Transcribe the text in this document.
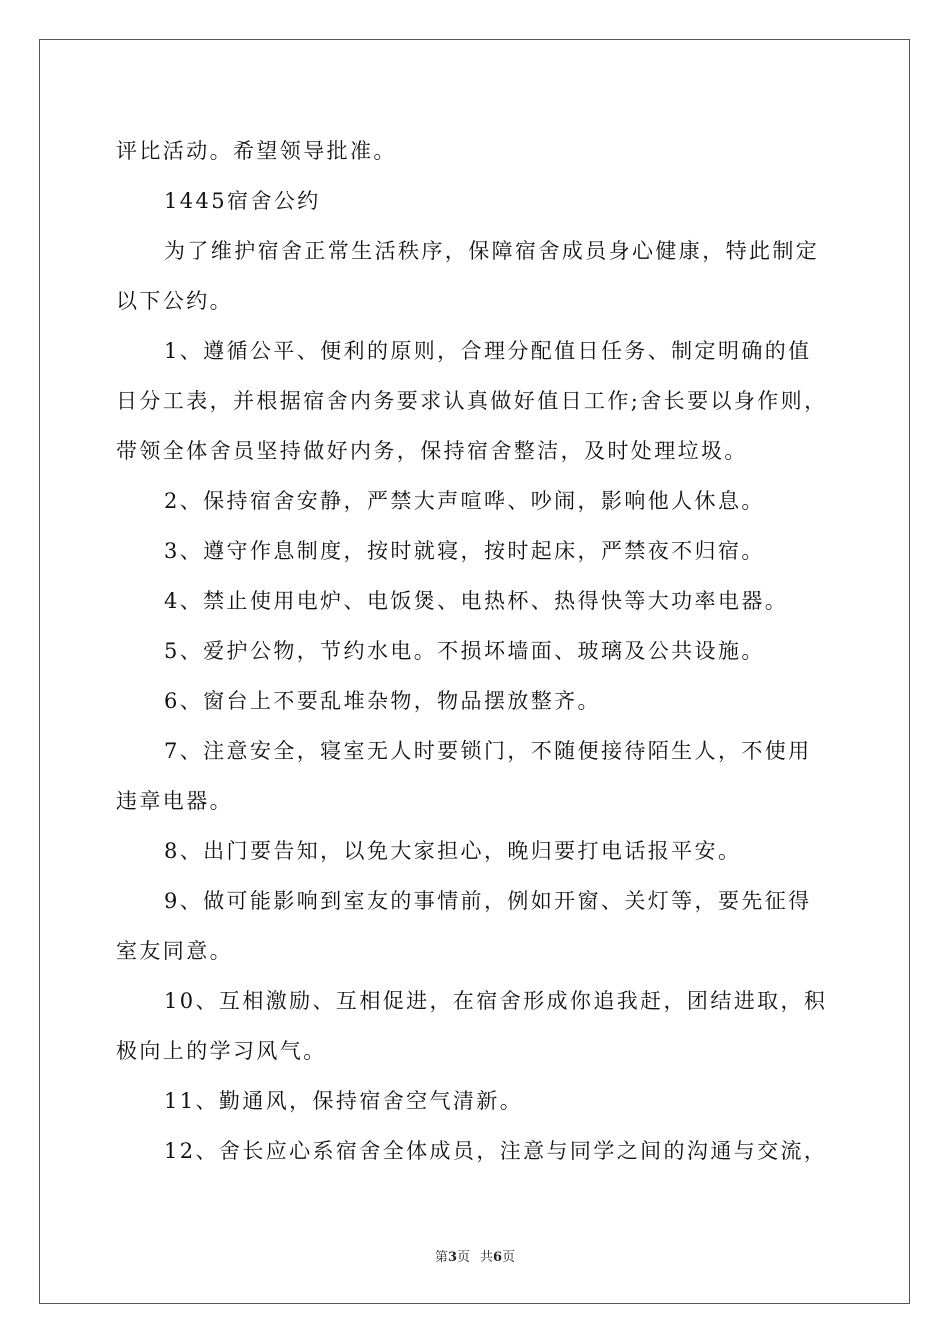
评比活动。希望领导批准。

1445宿舍公约

为了维护宿舍正常生活秩序，保障宿舍成员身心健康，特此制定

以下公约。

1、遵循公平、便利的原则，合理分配值日任务、制定明确的值

日分工表，并根据宿舍内务要求认真做好值日工作;舍长要以身作则，

带领全体舍员坚持做好内务，保持宿舍整洁，及时处理垃圾。

2、保持宿舍安静，严禁大声喧哗、吵闹，影响他人休息。

3、遵守作息制度，按时就寝，按时起床，严禁夜不归宿。

4、禁止使用电炉、电饭煲、电热杯、热得快等大功率电器。

5、爱护公物，节约水电。不损坏墙面、玻璃及公共设施。

6、窗台上不要乱堆杂物，物品摆放整齐。

7、注意安全，寝室无人时要锁门，不随便接待陌生人，不使用

违章电器。

8、出门要告知，以免大家担心，晚归要打电话报平安。

9、做可能影响到室友的事情前，例如开窗、关灯等，要先征得

室友同意。

10、互相激励、互相促进，在宿舍形成你追我赶，团结进取，积

极向上的学习风气。

11、勤通风，保持宿舍空气清新。

12、舍长应心系宿舍全体成员，注意与同学之间的沟通与交流，

第3页 共6页
